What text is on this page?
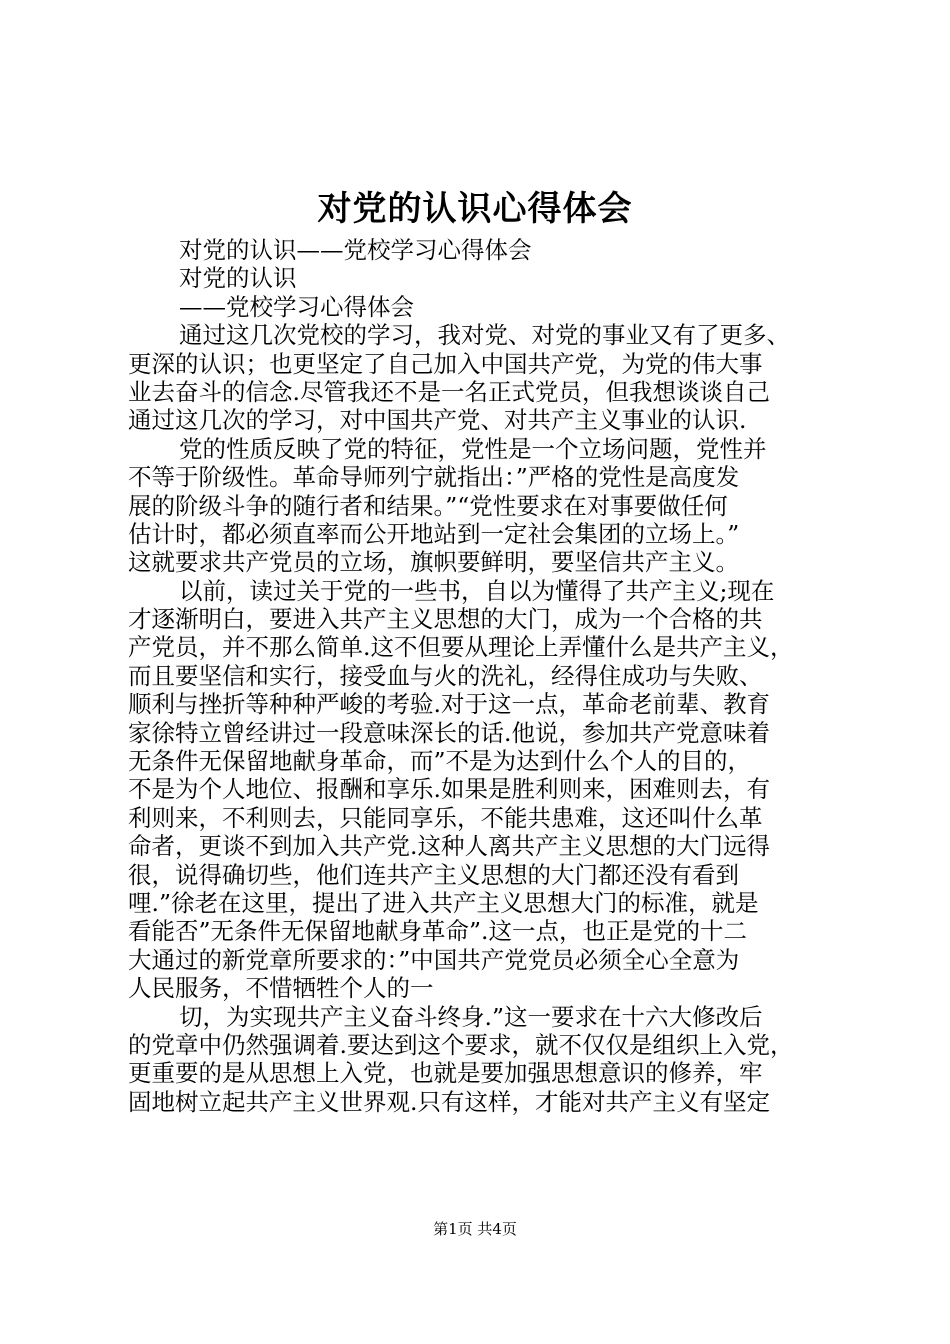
对党的认识心得体会
对党的认识——党校学习心得体会
对党的认识
——党校学习心得体会
通过这几次党校的学习，我对党、对党的事业又有了更多、
更深的认识；也更坚定了自己加入中国共产党，为党的伟大事
业去奋斗的信念.尽管我还不是一名正式党员，但我想谈谈自己
通过这几次的学习，对中国共产党、对共产主义事业的认识.
党的性质反映了党的特征，党性是一个立场问题，党性并
不等于阶级性。革命导师列宁就指出：”严格的党性是高度发
展的阶级斗争的随行者和结果。”“党性要求在对事要做任何
估计时，都必须直率而公开地站到一定社会集团的立场上。”
这就要求共产党员的立场，旗帜要鲜明，要坚信共产主义。
以前，读过关于党的一些书，自以为懂得了共产主义;现在
才逐渐明白，要进入共产主义思想的大门，成为一个合格的共
产党员，并不那么简单.这不但要从理论上弄懂什么是共产主义，
而且要坚信和实行，接受血与火的洗礼，经得住成功与失败、
顺利与挫折等种种严峻的考验.对于这一点，革命老前辈、教育
家徐特立曾经讲过一段意味深长的话.他说，参加共产党意味着
无条件无保留地献身革命，而”不是为达到什么个人的目的，
不是为个人地位、报酬和享乐.如果是胜利则来，困难则去，有
利则来，不利则去，只能同享乐，不能共患难，这还叫什么革
命者，更谈不到加入共产党.这种人离共产主义思想的大门远得
很，说得确切些，他们连共产主义思想的大门都还没有看到
哩.”徐老在这里，提出了进入共产主义思想大门的标准，就是
看能否”无条件无保留地献身革命”.这一点，也正是党的十二
大通过的新党章所要求的：”中国共产党党员必须全心全意为
人民服务，不惜牺牲个人的一
切，为实现共产主义奋斗终身.”这一要求在十六大修改后
的党章中仍然强调着.要达到这个要求，就不仅仅是组织上入党，
更重要的是从思想上入党，也就是要加强思想意识的修养，牢
固地树立起共产主义世界观.只有这样，才能对共产主义有坚定
第1页 共4页
